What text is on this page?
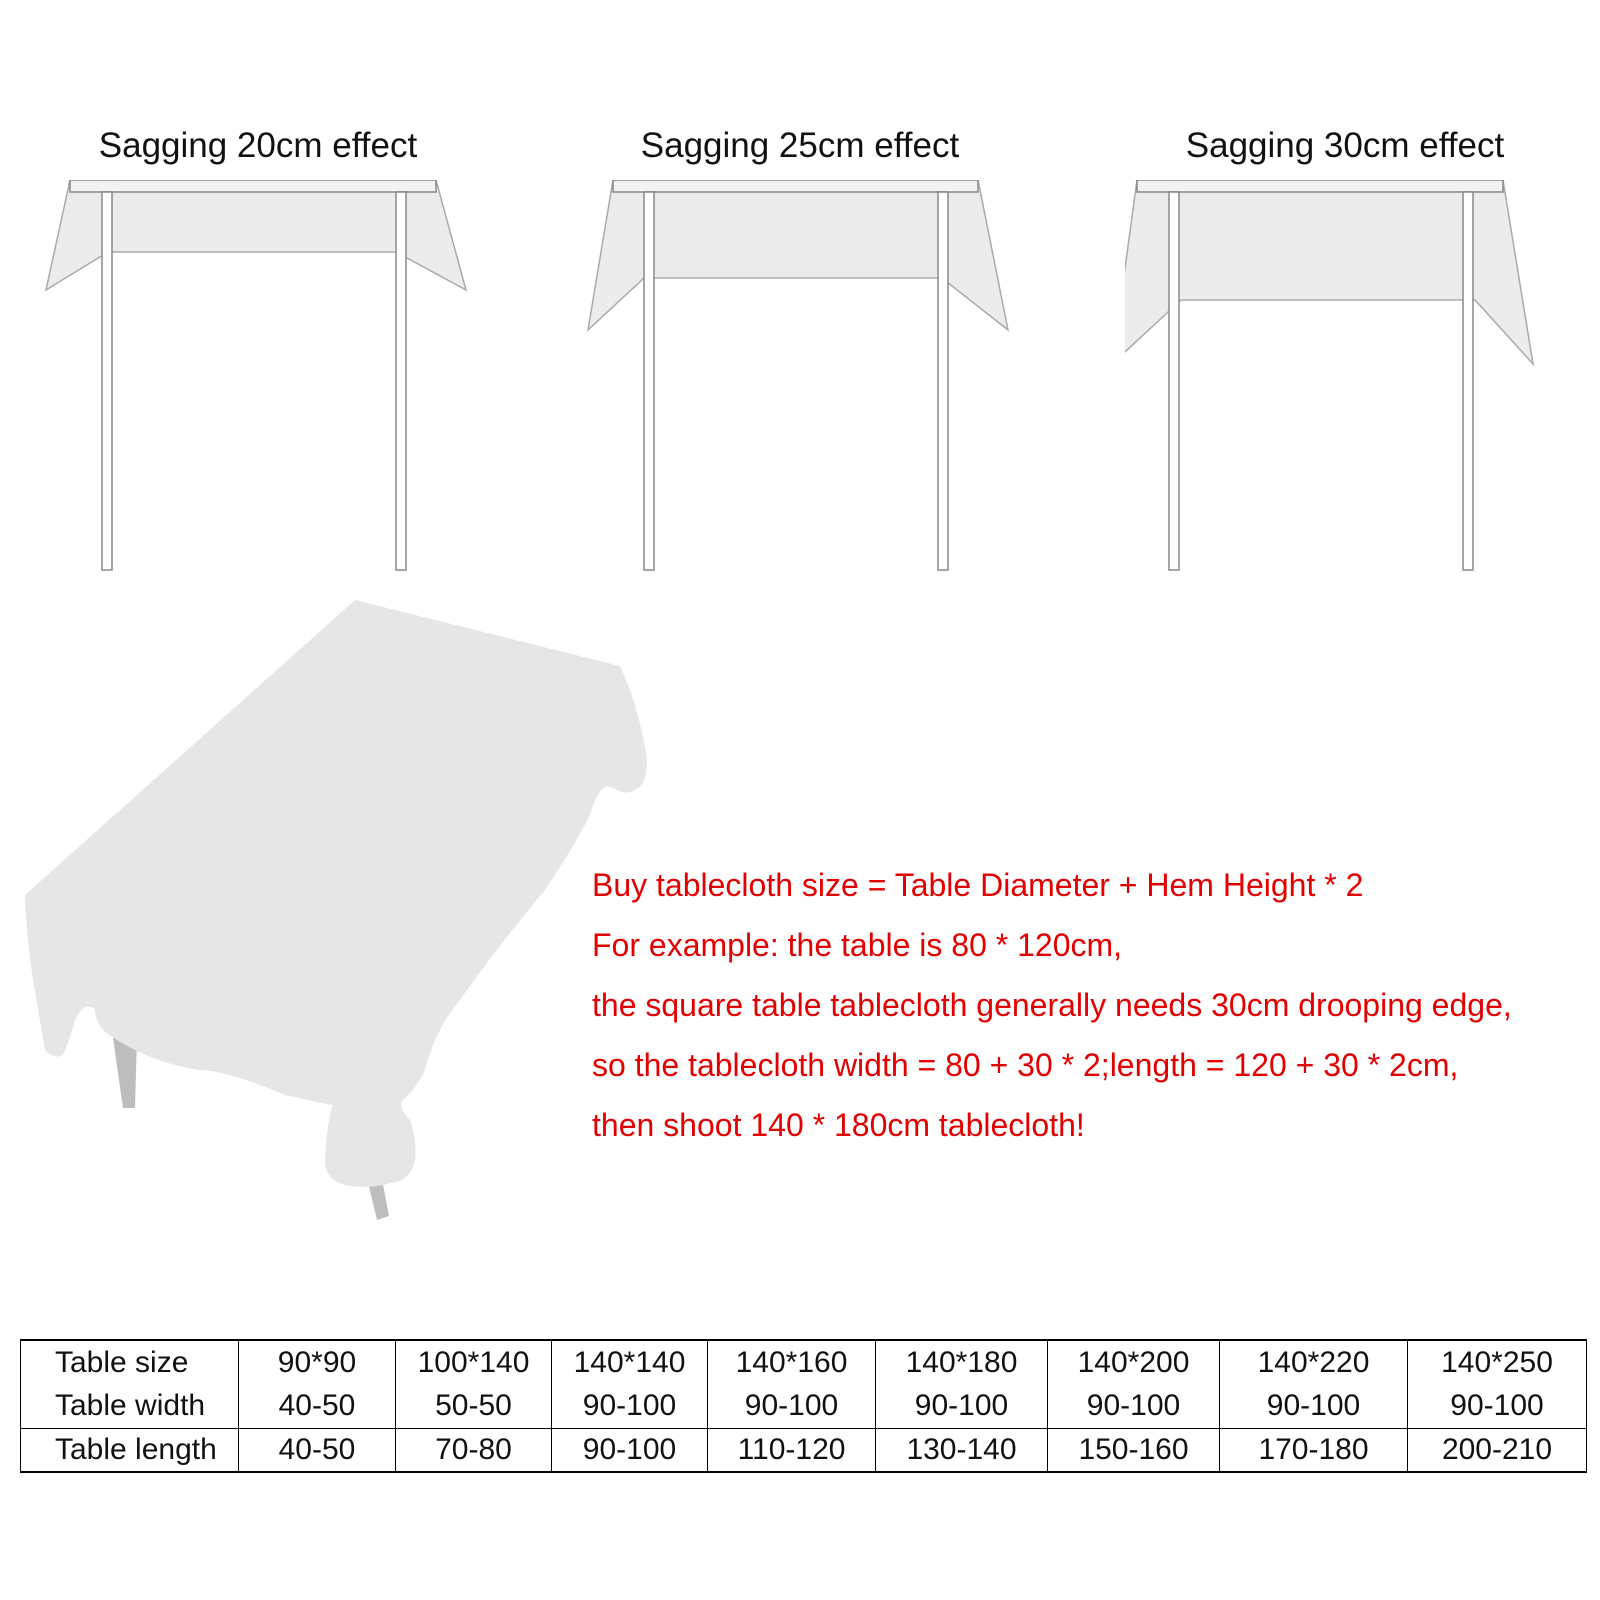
Sagging 20cm effect	Sagging 25cm effect	Sagging 30cm effect
Buy tablecloth size = Table Diameter + Hem Height * 2
For example: the table is 80 * 120cm,
the square table tablecloth generally needs 30cm drooping edge,
so the tablecloth width = 80 + 30 * 2;length = 120 + 30 * 2cm,
then shoot 140 * 180cm tablecloth!
Table size	90*90	100*140	140*140	140*160	140*180	140*200	140*220	140*250
Table width	40-50	50-50	90-100	90-100	90-100	90-100	90-100	90-100
Table length	40-50	70-80	90-100	110-120	130-140	150-160	170-180	200-210
